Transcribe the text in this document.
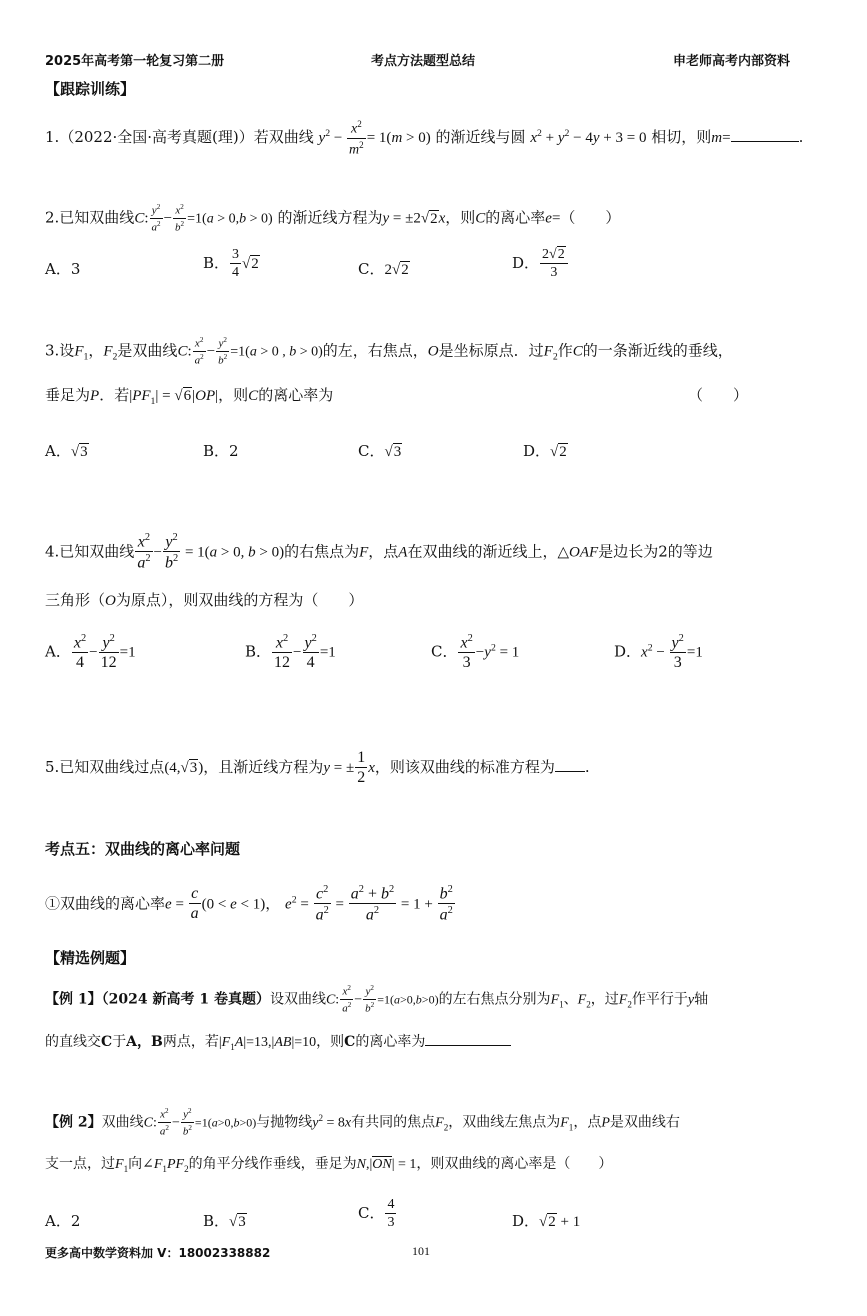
2025年高考第一轮复习第二册	考点方法题型总结	申老师高考内部资料
【跟踪训练】
1.（2022·全国·高考真题(理)）若双曲线 $y^2 - \frac{x^2}{m^2} = 1(m > 0)$ 的渐近线与圆 $x^2 + y^2 - 4y + 3 = 0$ 相切，则m=	.
2.已知双曲线C: $\frac{y^2}{a^2} - \frac{x^2}{b^2} =1(a > 0,b > 0)$ 的渐近线方程为y = ±2√2x，则C的离心率e=（　　）
A．3	B． $\frac{3}{4} √2$	C．2√2	D． $\frac{2√2}{3}$
3.设$F_1$，$F_2$是双曲线C: $\frac{x^2}{a^2} - \frac{y^2}{b^2} =1(a > 0$ , b > 0)的左，右焦点，O是坐标原点．过$F_2$作C的一条渐近线的垂线，
垂足为P．若$|PF_1| = √6|OP|$，则C的离心率为	（　　）
A．√3	B．2	C．√3	D．√2
4.已知双曲线 $\frac{x^2}{a^2} - \frac{y^2}{b^2} = 1(a > 0$, b > 0)的右焦点为F，点A在双曲线的渐近线上，△OAF是边长为2的等边
三角形（O为原点），则双曲线的方程为（　　）
A． $\frac{x^2}{4} - \frac{y^2}{12} =1$	B． $\frac{x^2}{12} - \frac{y^2}{4} =1$	C． $\frac{x^2}{3} -y^2 = 1$	D．$x^2 - \frac{y^2}{3} =1$
5.已知双曲线过点(4,√3)，且渐近线方程为y = ± $\frac{1}{2}$ x，则该双曲线的标准方程为 .
考点五：双曲线的离心率问题
①双曲线的离心率$e = \frac{c}{a} (0 < e < 1)$， $e^2 = \frac{c^2}{a^2} = \frac{a^2 + b^2}{a^2} = 1 + \frac{b^2}{a^2}$
【精选例题】
【例 1】（2024 新高考 1 卷真题）设双曲线C: $\frac{x^2}{a^2} - \frac{y^2}{b^2} =1(a>0,b>0)$的左右焦点分别为$F_1$、$F_2$，过$F_2$作平行于y轴
的直线交C于A，B两点，若$|F_1A|=13,|AB|=10$，则C的离心率为
【例 2】双曲线C: $\frac{x^2}{a^2} - \frac{y^2}{b^2} =1(a>0,b>0)$与抛物线$y^2 = 8x$有共同的焦点$F_2$，双曲线左焦点为$F_1$，点P是双曲线右
支一点，过$F_1$向$\angle F_1PF_2$的角平分线作垂线，垂足为N,|ON| = 1，则双曲线的离心率是（　　）
A．2	B．√3	C． $\frac{4}{3}$	D．√2 + 1
更多高中数学资料加 V：18002338882	101
